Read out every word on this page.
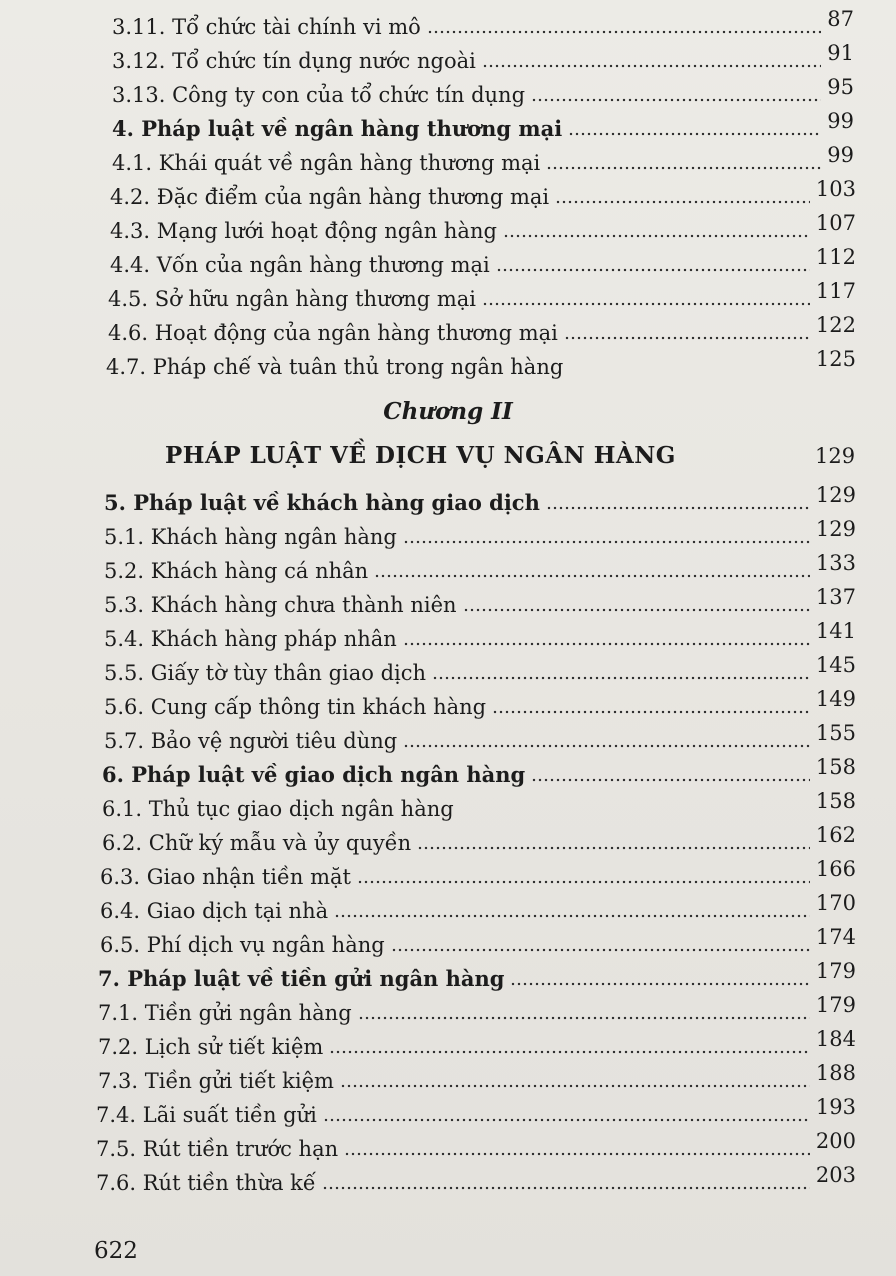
3.11. Tổ chức tài chính vi mô	87
3.12. Tổ chức tín dụng nước ngoài	91
3.13. Công ty con của tổ chức tín dụng	95
4. Pháp luật về ngân hàng thương mại	99
4.1. Khái quát về ngân hàng thương mại	99
4.2. Đặc điểm của ngân hàng thương mại	103
4.3. Mạng lưới hoạt động ngân hàng	107
4.4. Vốn của ngân hàng thương mại	112
4.5. Sở hữu ngân hàng thương mại	117
4.6. Hoạt động của ngân hàng thương mại	122
4.7. Pháp chế và tuân thủ trong ngân hàng	125
Chương II
PHÁP LUẬT VỀ DỊCH VỤ NGÂN HÀNG	129
5. Pháp luật về khách hàng giao dịch	129
5.1. Khách hàng ngân hàng	129
5.2. Khách hàng cá nhân	133
5.3. Khách hàng chưa thành niên	137
5.4. Khách hàng pháp nhân	141
5.5. Giấy tờ tùy thân giao dịch	145
5.6. Cung cấp thông tin khách hàng	149
5.7. Bảo vệ người tiêu dùng	155
6. Pháp luật về giao dịch ngân hàng	158
6.1. Thủ tục giao dịch ngân hàng	158
6.2. Chữ ký mẫu và ủy quyền	162
6.3. Giao nhận tiền mặt	166
6.4. Giao dịch tại nhà	170
6.5. Phí dịch vụ ngân hàng	174
7. Pháp luật về tiền gửi ngân hàng	179
7.1. Tiền gửi ngân hàng	179
7.2. Lịch sử tiết kiệm	184
7.3. Tiền gửi tiết kiệm	188
7.4. Lãi suất tiền gửi	193
7.5. Rút tiền trước hạn	200
7.6. Rút tiền thừa kế	203
622
